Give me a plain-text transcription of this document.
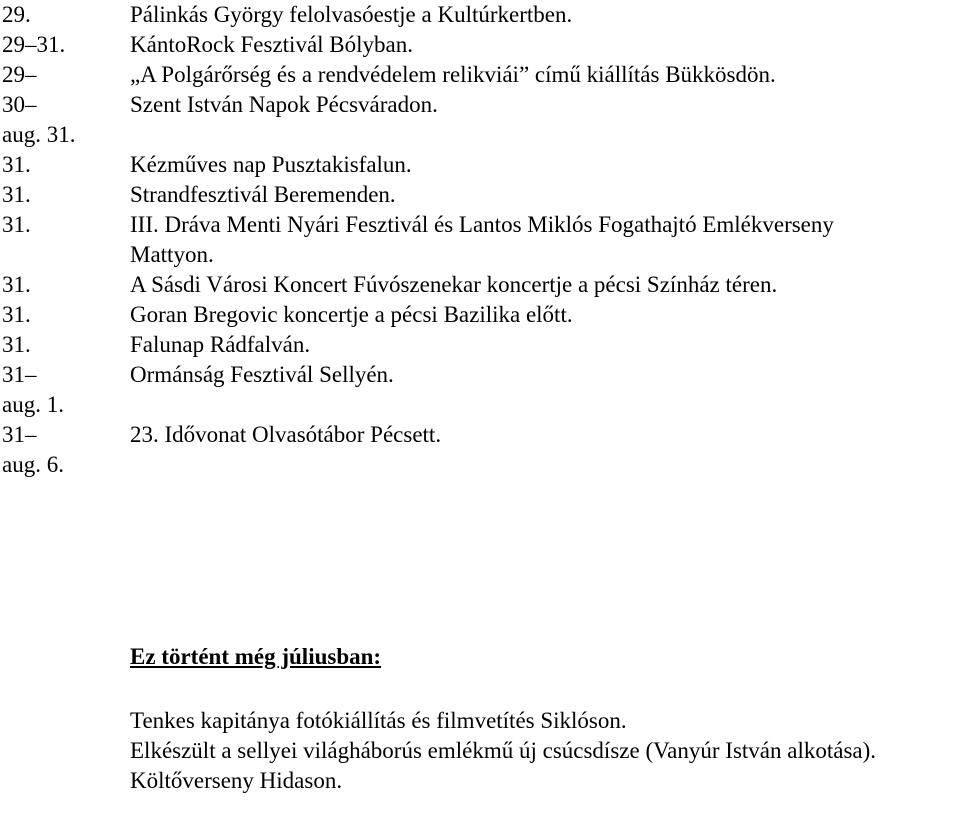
29.	Pálinkás György felolvasóestje a Kultúrkertben.
29–31.	KántoRock Fesztivál Bólyban.
29–	„A Polgárőrség és a rendvédelem relikviái” című kiállítás Bükkösdön.
30–	Szent István Napok Pécsváradon.
aug. 31.
31.	Kézműves nap Pusztakisfalun.
31.	Strandfesztivál Beremenden.
31.	III. Dráva Menti Nyári Fesztivál és Lantos Miklós Fogathajtó Emlékverseny Mattyon.
31.	A Sásdi Városi Koncert Fúvószenekar koncertje a pécsi Színház téren.
31.	Goran Bregovic koncertje a pécsi Bazilika előtt.
31.	Falunap Rádfalván.
31–	Ormánság Fesztivál Sellyén.
aug. 1.
31–	23. Idővonat Olvasótábor Pécsett.
aug. 6.
Ez történt még júliusban:
Tenkes kapitánya fotókiállítás és filmvetítés Siklóson.
Elkészült a sellyei világháborús emlékmű új csúcsdísze (Vanyúr István alkotása).
Költőverseny Hidason.
